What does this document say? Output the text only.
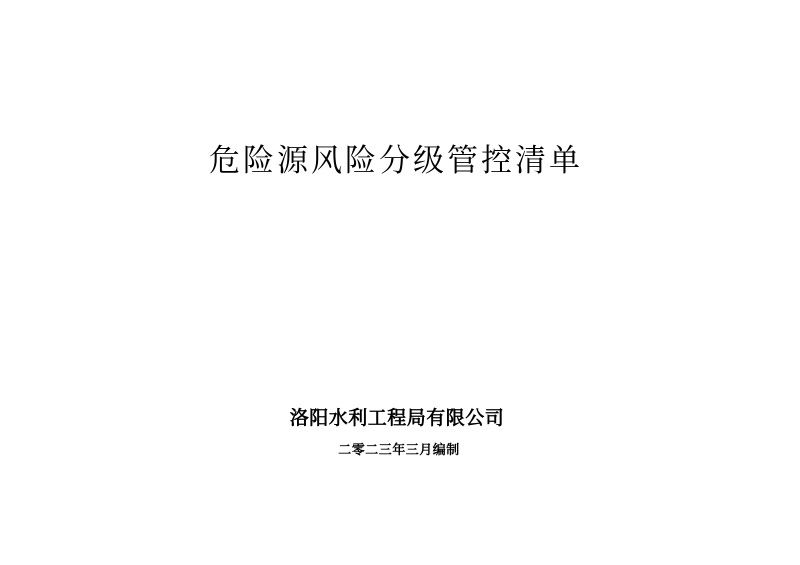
危险源风险分级管控清单
洛阳水利工程局有限公司
二零二三年三月编制
